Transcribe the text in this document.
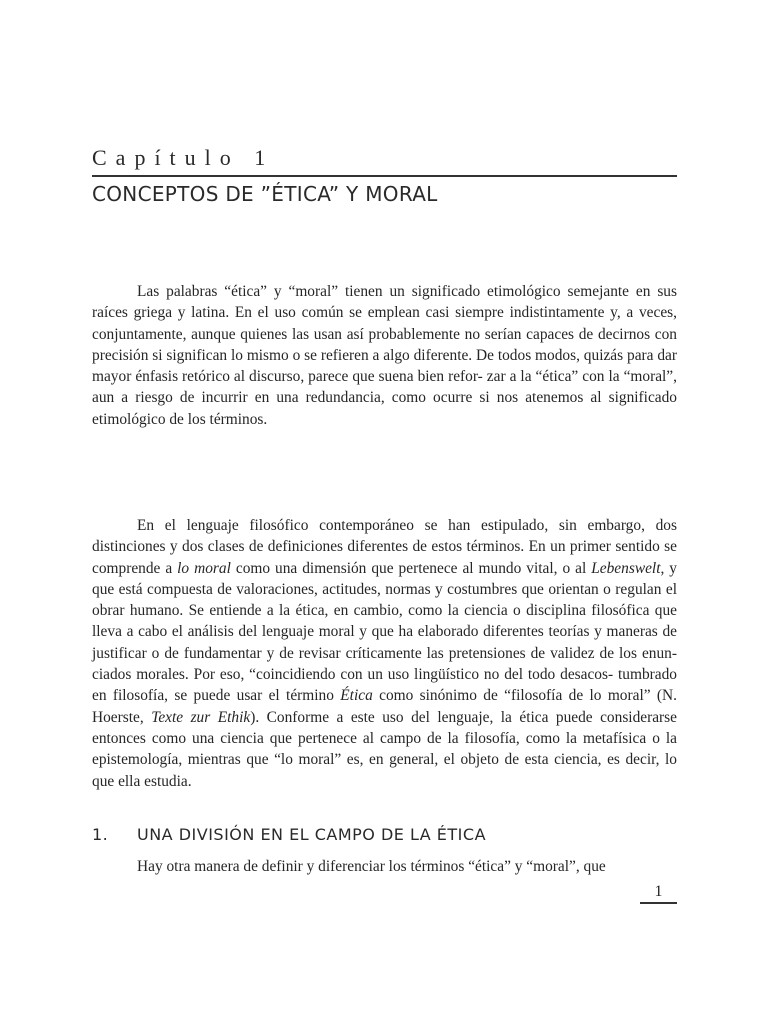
Capítulo 1
CONCEPTOS DE ”ÉTICA” Y MORAL

Las palabras “ética” y “moral” tienen un significado etimológico semejante en sus raíces griega y latina. En el uso común se emplean casi siempre indistintamente y, a veces, conjuntamente, aunque quienes las usan así probablemente no serían capaces de decirnos con precisión si significan lo mismo o se refieren a algo diferente. De todos modos, quizás para dar mayor énfasis retórico al discurso, parece que suena bien refor- zar a la “ética” con la “moral”, aun a riesgo de incurrir en una redundancia, como ocurre si nos atenemos al significado etimológico de los términos.

En el lenguaje filosófico contemporáneo se han estipulado, sin embargo, dos distinciones y dos clases de definiciones diferentes de estos términos. En un primer sentido se comprende a lo moral como una dimensión que pertenece al mundo vital, o al Lebenswelt, y que está compuesta de valoraciones, actitudes, normas y costumbres que orientan o regulan el obrar humano. Se entiende a la ética, en cambio, como la ciencia o disciplina filosófica que lleva a cabo el análisis del lenguaje moral y que ha elaborado diferentes teorías y maneras de justificar o de fundamentar y de revisar críticamente las pretensiones de validez de los enun- ciados morales. Por eso, “coincidiendo con un uso lingüístico no del todo desacos- tumbrado en filosofía, se puede usar el término Ética como sinónimo de “filosofía de lo moral” (N. Hoerste, Texte zur Ethik). Conforme a este uso del lenguaje, la ética puede considerarse entonces como una ciencia que pertenece al campo de la filosofía, como la metafísica o la epistemología, mientras que “lo moral” es, en general, el objeto de esta ciencia, es decir, lo que ella estudia.

1. UNA DIVISIÓN EN EL CAMPO DE LA ÉTICA

Hay otra manera de definir y diferenciar los términos “ética” y “moral”, que

1
